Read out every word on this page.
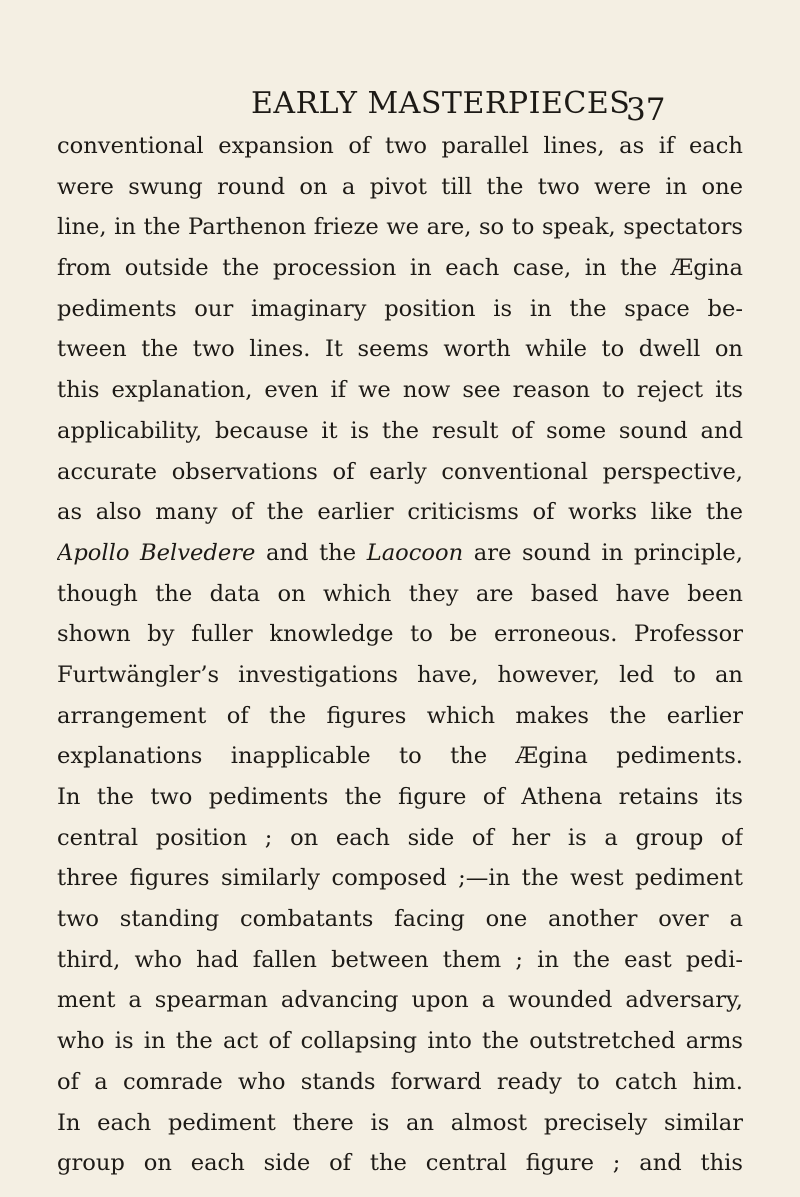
EARLY MASTERPIECES
37
conventional expansion of two parallel lines, as if each
were swung round on a pivot till the two were in one
line, in the Parthenon frieze we are, so to speak, spectators
from outside the procession in each case, in the Ægina
pediments our imaginary position is in the space be-
tween the two lines. It seems worth while to dwell on
this explanation, even if we now see reason to reject its
applicability, because it is the result of some sound and
accurate observations of early conventional perspective,
as also many of the earlier criticisms of works like the
Apollo Belvedere and the Laocoon are sound in principle,
though the data on which they are based have been
shown by fuller knowledge to be erroneous. Professor
Furtwängler’s investigations have, however, led to an
arrangement of the figures which makes the earlier
explanations inapplicable to the Ægina pediments.
In the two pediments the figure of Athena retains its
central position ; on each side of her is a group of
three figures similarly composed ;—in the west pediment
two standing combatants facing one another over a
third, who had fallen between them ; in the east pedi-
ment a spearman advancing upon a wounded adversary,
who is in the act of collapsing into the outstretched arms
of a comrade who stands forward ready to catch him.
In each pediment there is an almost precisely similar
group on each side of the central figure ; and this
